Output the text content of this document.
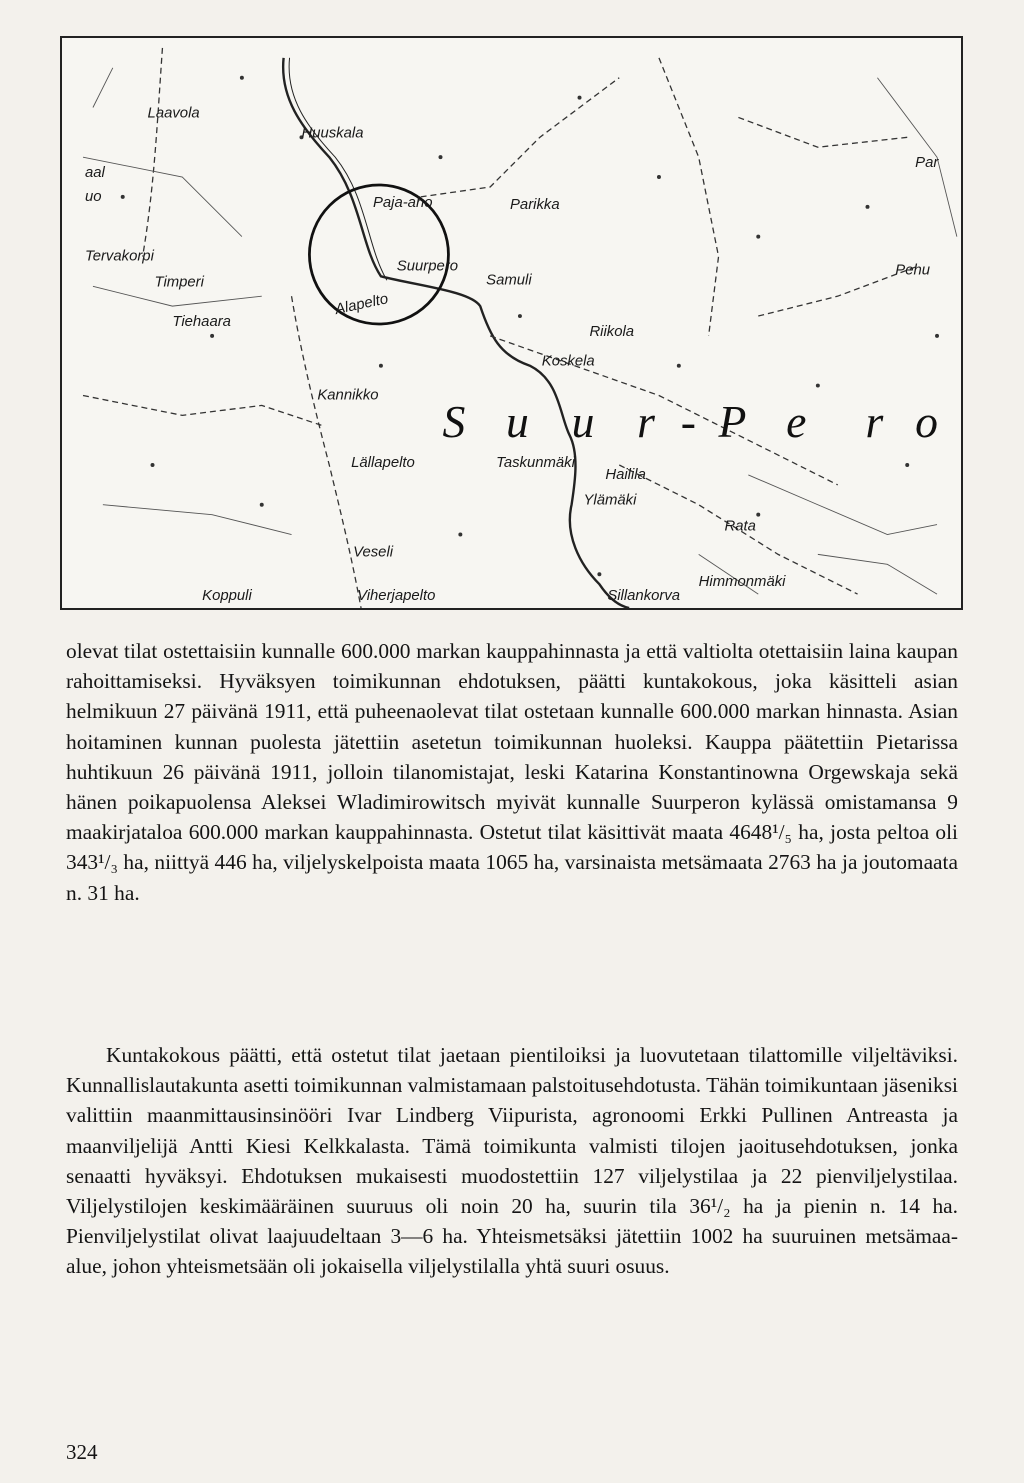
Laavola
Huuskala
Paja-aho	Parikka
Tervakorpi
Timperi
Tiehaara
Suurpero
Samuli
Alapelto
Riikola
Koskela
Pehu
Kannikko
Lällapelto	Taskunmäki
Hailila
Ylämäki
Rata
Veseli
Himmonmäki
Koppuli	Viherjapelto	Sillankorva
aal
uo
Par
S u u r - P e r o

olevat tilat ostettaisiin kunnalle 600.000 markan kauppahinnasta ja että valtiolta otettaisiin laina kaupan rahoittamiseksi. Hyväksyen toimikunnan ehdotuksen, päätti kuntakokous, joka käsitteli asian helmikuun 27 päivänä 1911, että puheenaolevat tilat ostetaan kunnalle 600.000 markan hinnasta. Asian hoitaminen kunnan puolesta jätettiin asetetun toimikunnan huoleksi. Kauppa päätettiin Pietarissa huhtikuun 26 päivänä 1911, jolloin tilanomistajat, leski Katarina Konstantinowna Orgewskaja sekä hänen poikapuolensa Aleksei Wladimirowitsch myivät kunnalle Suurperon kylässä omistamansa 9 maakirjataloa 600.000 markan kauppahinnasta. Ostetut tilat käsittivät maata 4648¹/₅ ha, josta peltoa oli 343¹/₃ ha, niittyä 446 ha, viljelyskelpoista maata 1065 ha, varsinaista metsämaata 2763 ha ja joutomaata n. 31 ha.

Kuntakokous päätti, että ostetut tilat jaetaan pientiloiksi ja luovutetaan tilattomille viljeltäviksi. Kunnallislautakunta asetti toimikunnan valmistamaan palstoitusehdotusta. Tähän toimikuntaan jäseniksi valittiin maanmittausinsinööri Ivar Lindberg Viipurista, agronoomi Erkki Pullinen Antreasta ja maanviljelijä Antti Kiesi Kelkkalasta. Tämä toimikunta valmisti tilojen jaoitusehdotuksen, jonka senaatti hyväksyi. Ehdotuksen mukaisesti muodostettiin 127 viljelystilaa ja 22 pienviljelystilaa. Viljelystilojen keskimääräinen suuruus oli noin 20 ha, suurin tila 36¹/₂ ha ja pienin n. 14 ha. Pienviljelystilat olivat laajuudeltaan 3—6 ha. Yhteismetsäksi jätettiin 1002 ha suuruinen metsämaa-alue, johon yhteismetsään oli jokaisella viljelystilalla yhtä suuri osuus.

324
